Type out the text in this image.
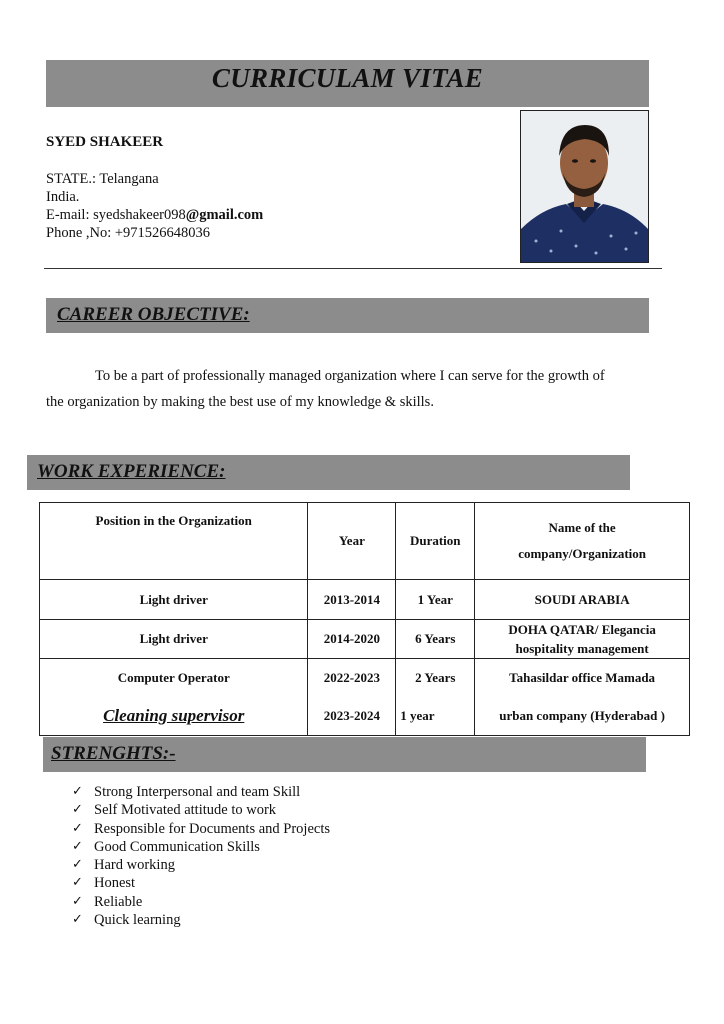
CURRICULAM VITAE
SYED SHAKEER
STATE.: Telangana
India.
E-mail: syedshakeer098@gmail.com
Phone ,No: +971526648036
CAREER OBJECTIVE:
To be a part of professionally managed organization where I can serve for the growth of
the organization by making the best use of my knowledge & skills.
WORK EXPERIENCE:
Position in the Organization	Year	Duration	Name of the
company/Organization

Light driver	2013-2014	1 Year	SOUDI ARABIA
Light driver	2014-2020	6 Years	DOHA QATAR/ Elegancia hospitality management
Computer Operator	2022-2023	2 Years	Tahasildar office Mamada
Cleaning supervisor	2023-2024	1 year	urban company (Hyderabad )
STRENGHTS:-
✓ Strong Interpersonal and team Skill
✓ Self Motivated attitude to work
✓ Responsible for Documents and Projects
✓ Good Communication Skills
✓ Hard working
✓ Honest
✓ Reliable
✓ Quick learning
